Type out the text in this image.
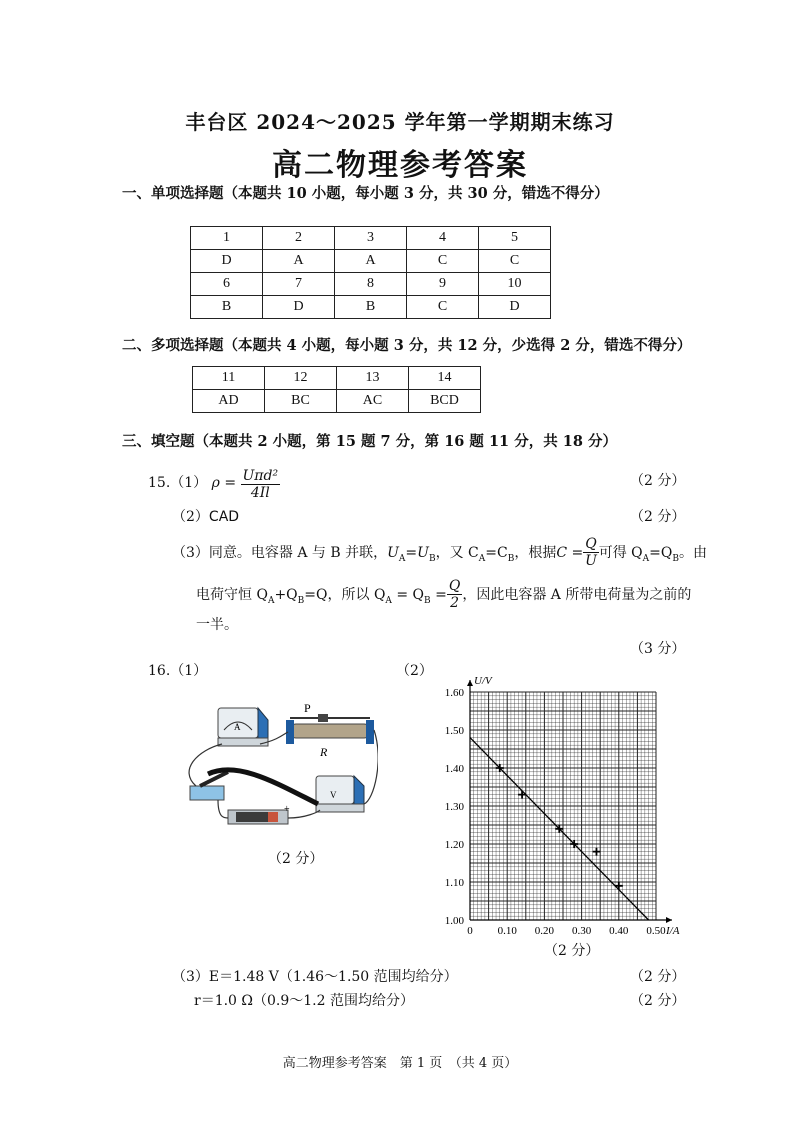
丰台区 2024～2025 学年第一学期期末练习
高二物理参考答案
一、单项选择题（本题共 10 小题，每小题 3 分，共 30 分，错选不得分）
1	2	3	4	5
D	A	A	C	C
6	7	8	9	10
B	D	B	C	D
二、多项选择题（本题共 4 小题，每小题 3 分，共 12 分，少选得 2 分，错选不得分）
11	12	13	14
AD	BC	AC	BCD
三、填空题（本题共 2 小题，第 15 题 7 分，第 16 题 11 分，共 18 分）
15.（1） $\rho = \frac{\text{Uπd²}}{4Il}$	（2 分）
（2）CAD	（2 分）
（3）同意。电容器 A 与 B 并联，$U_A=U_B$，又 $C_A=C_B$，根据$C = \frac{Q}{U}$ 可得 $Q_A=Q_B$。由
电荷守恒 $Q_A+Q_B=Q$，所以 $Q_A = Q_B = \frac{Q}{2}$ ，因此电容器 A 所带电荷量为之前的
一半。
（3 分）
16.（1）	（2）
A
P
R
V
+
（2 分）
0 0.10 0.20 0.30 0.40 0.50
1.00
1.10
1.20
1.30
1.40
1.50
1.60
U/V
I/A
（2 分）
（3）E＝1.48 V（1.46～1.50 范围均给分）	（2 分）
r＝1.0 Ω（0.9～1.2 范围均给分）	（2 分）
高二物理参考答案　第 1 页　（共 4 页）
